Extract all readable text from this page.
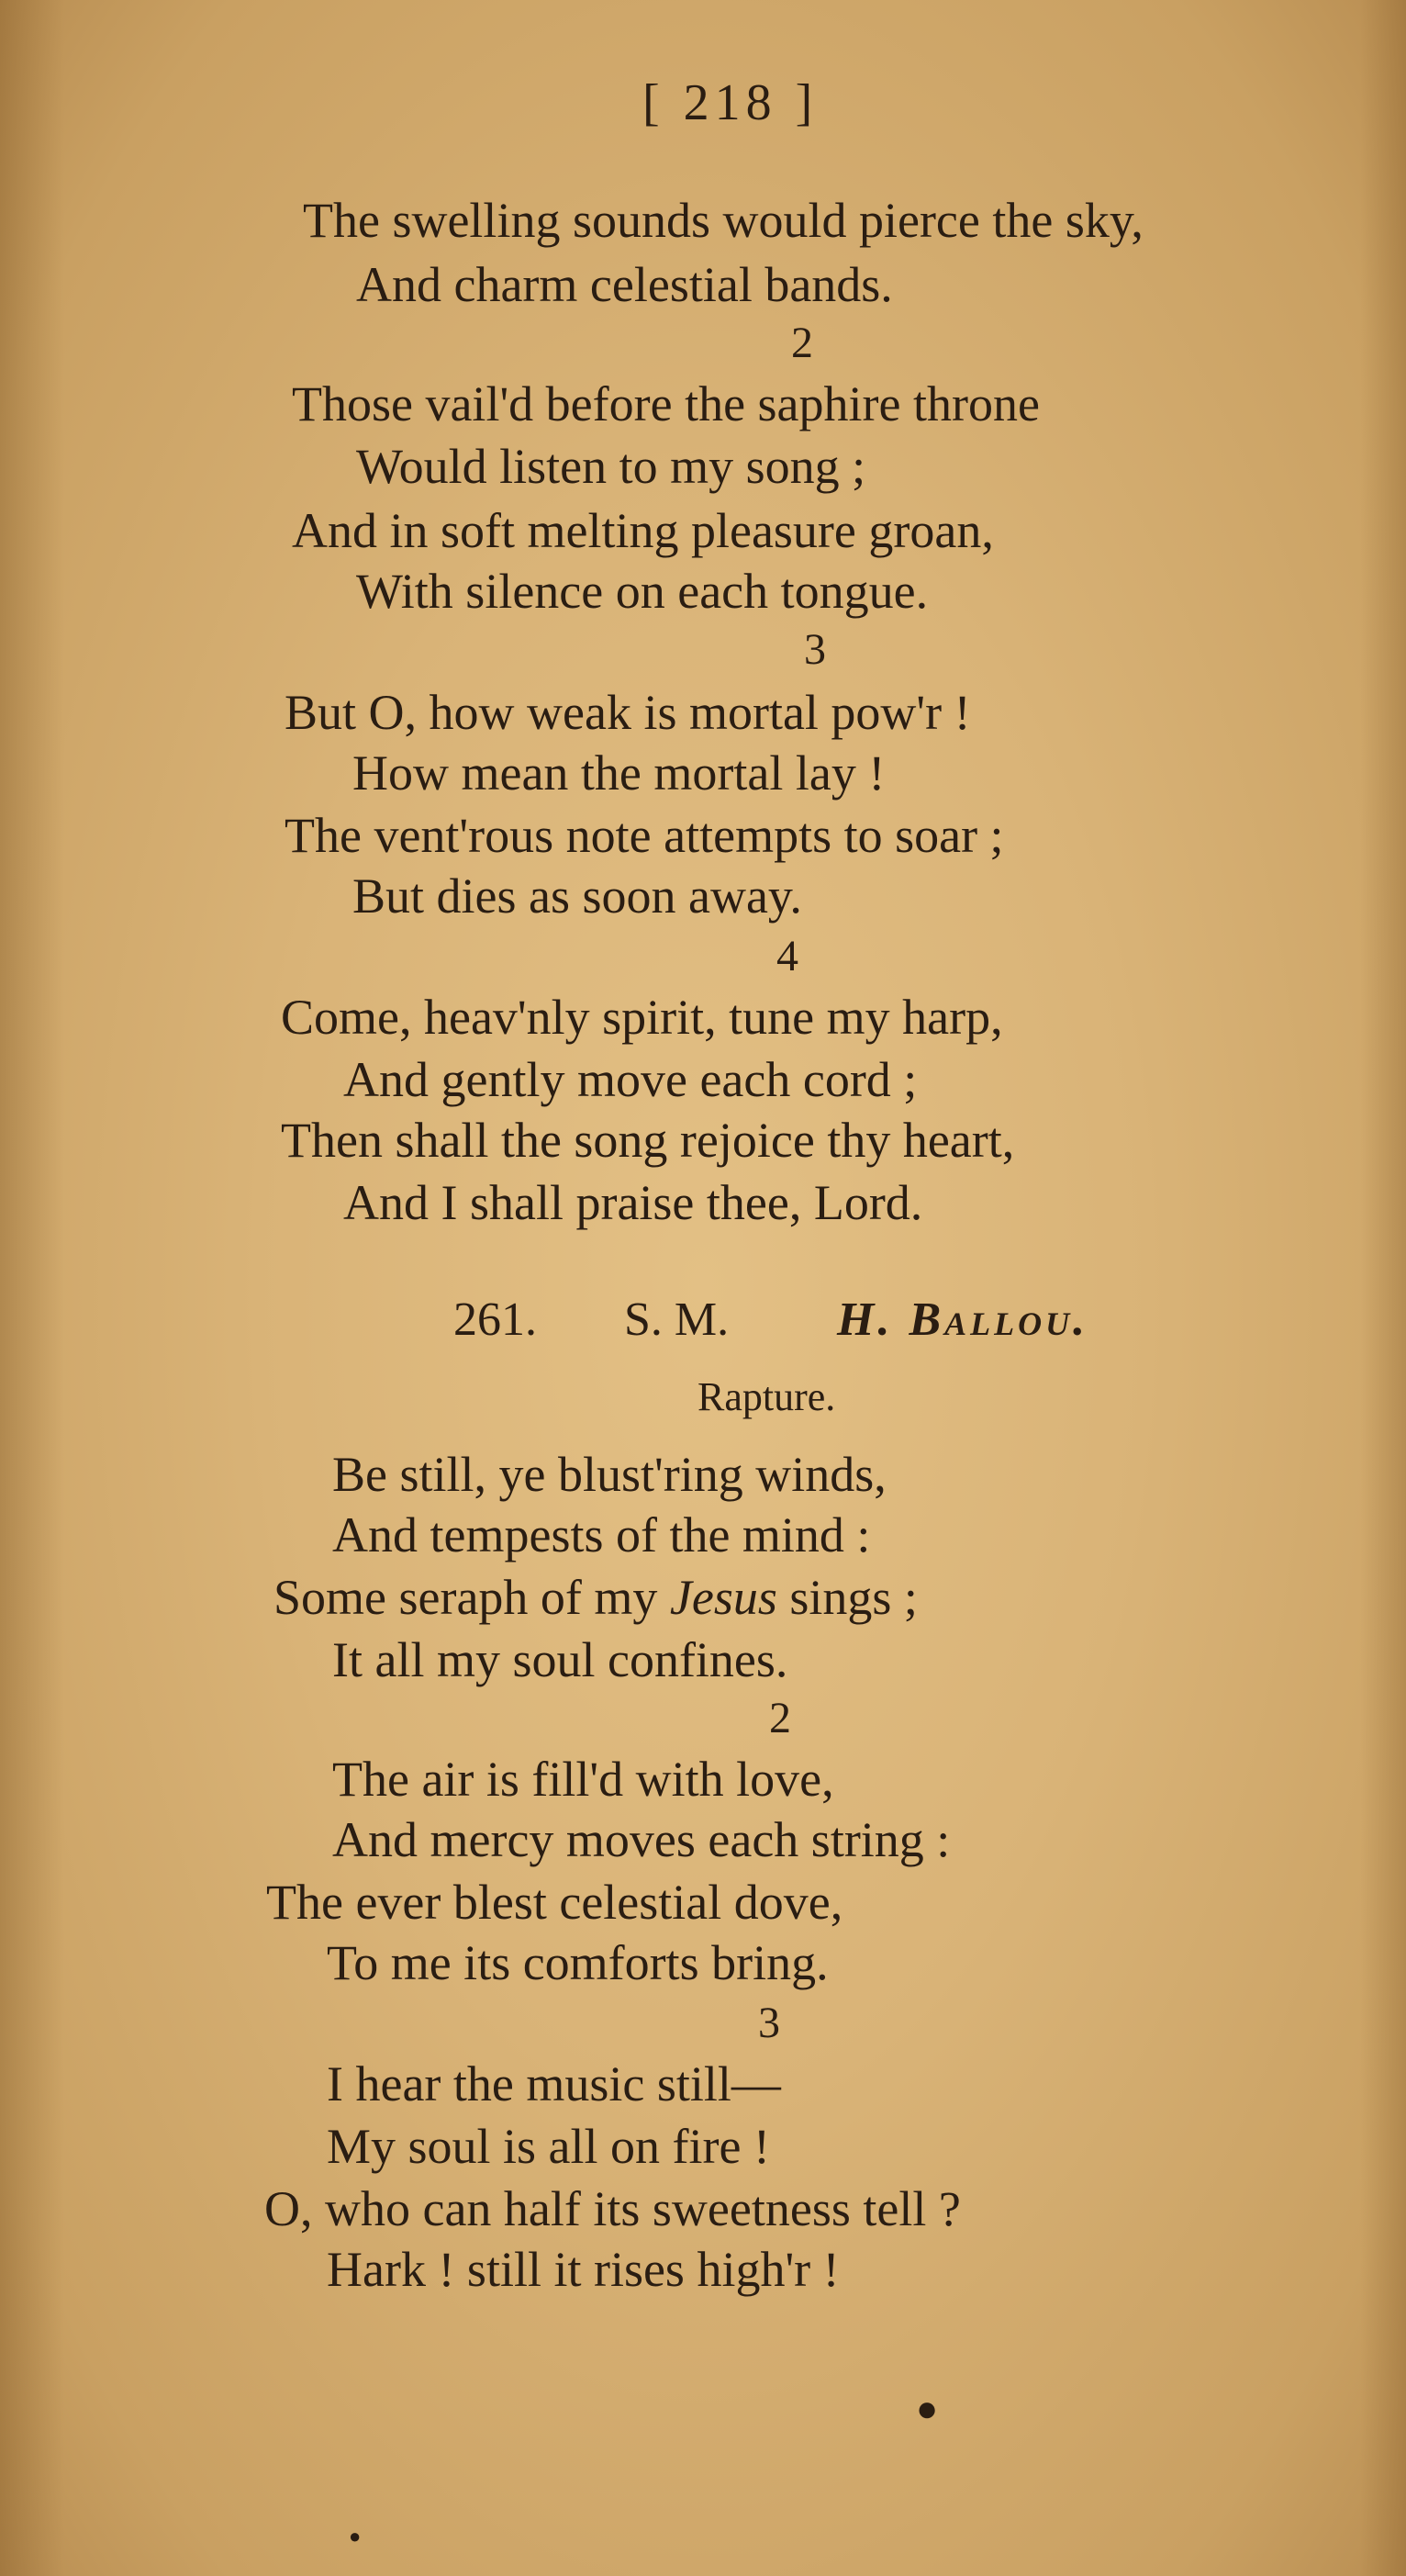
[ 218 ]
The swelling sounds would pierce the sky,
And charm celestial bands.
2
Those vail'd before the saphire throne
Would listen to my song ;
And in soft melting pleasure groan,
With silence on each tongue.
3
But O, how weak is mortal pow'r !
How mean the mortal lay !
The vent'rous note attempts to soar ;
But dies as soon away.
4
Come, heav'nly spirit, tune my harp,
And gently move each cord ;
Then shall the song rejoice thy heart,
And I shall praise thee, Lord.
261. S. M. H. Ballou.
Rapture.
Be still, ye blust'ring winds,
And tempests of the mind :
Some seraph of my Jesus sings ;
It all my soul confines.
2
The air is fill'd with love,
And mercy moves each string :
The ever blest celestial dove,
To me its comforts bring.
3
I hear the music still—
My soul is all on fire !
O, who can half its sweetness tell ?
Hark ! still it rises high'r !
●
●
